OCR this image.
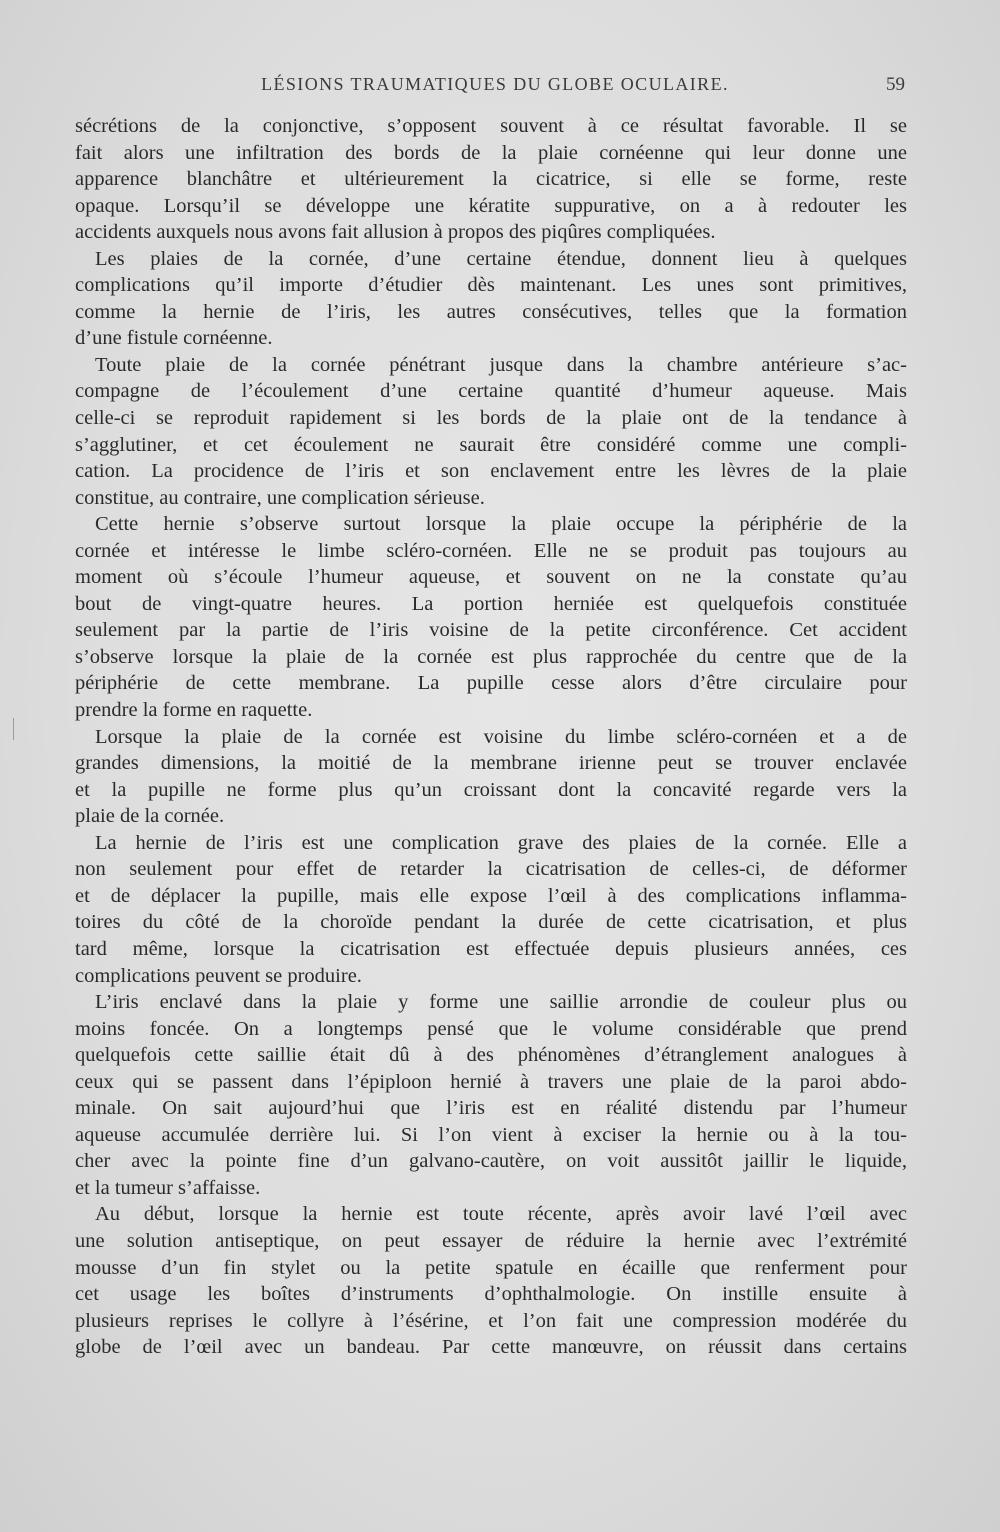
LÉSIONS TRAUMATIQUES DU GLOBE OCULAIRE.	59
sécrétions de la conjonctive, s’opposent souvent à ce résultat favorable. Il se
fait alors une infiltration des bords de la plaie cornéenne qui leur donne une
apparence blanchâtre et ultérieurement la cicatrice, si elle se forme, reste
opaque. Lorsqu’il se développe une kératite suppurative, on a à redouter les
accidents auxquels nous avons fait allusion à propos des piqûres compliquées.
Les plaies de la cornée, d’une certaine étendue, donnent lieu à quelques
complications qu’il importe d’étudier dès maintenant. Les unes sont primitives,
comme la hernie de l’iris, les autres consécutives, telles que la formation
d’une fistule cornéenne.
Toute plaie de la cornée pénétrant jusque dans la chambre antérieure s’ac-
compagne de l’écoulement d’une certaine quantité d’humeur aqueuse. Mais
celle-ci se reproduit rapidement si les bords de la plaie ont de la tendance à
s’agglutiner, et cet écoulement ne saurait être considéré comme une compli-
cation. La procidence de l’iris et son enclavement entre les lèvres de la plaie
constitue, au contraire, une complication sérieuse.
Cette hernie s’observe surtout lorsque la plaie occupe la périphérie de la
cornée et intéresse le limbe scléro-cornéen. Elle ne se produit pas toujours au
moment où s’écoule l’humeur aqueuse, et souvent on ne la constate qu’au
bout de vingt-quatre heures. La portion herniée est quelquefois constituée
seulement par la partie de l’iris voisine de la petite circonférence. Cet accident
s’observe lorsque la plaie de la cornée est plus rapprochée du centre que de la
périphérie de cette membrane. La pupille cesse alors d’être circulaire pour
prendre la forme en raquette.
Lorsque la plaie de la cornée est voisine du limbe scléro-cornéen et a de
grandes dimensions, la moitié de la membrane irienne peut se trouver enclavée
et la pupille ne forme plus qu’un croissant dont la concavité regarde vers la
plaie de la cornée.
La hernie de l’iris est une complication grave des plaies de la cornée. Elle a
non seulement pour effet de retarder la cicatrisation de celles-ci, de déformer
et de déplacer la pupille, mais elle expose l’œil à des complications inflamma-
toires du côté de la choroïde pendant la durée de cette cicatrisation, et plus
tard même, lorsque la cicatrisation est effectuée depuis plusieurs années, ces
complications peuvent se produire.
L’iris enclavé dans la plaie y forme une saillie arrondie de couleur plus ou
moins foncée. On a longtemps pensé que le volume considérable que prend
quelquefois cette saillie était dû à des phénomènes d’étranglement analogues à
ceux qui se passent dans l’épiploon hernié à travers une plaie de la paroi abdo-
minale. On sait aujourd’hui que l’iris est en réalité distendu par l’humeur
aqueuse accumulée derrière lui. Si l’on vient à exciser la hernie ou à la tou-
cher avec la pointe fine d’un galvano-cautère, on voit aussitôt jaillir le liquide,
et la tumeur s’affaisse.
Au début, lorsque la hernie est toute récente, après avoir lavé l’œil avec
une solution antiseptique, on peut essayer de réduire la hernie avec l’extrémité
mousse d’un fin stylet ou la petite spatule en écaille que renferment pour
cet usage les boîtes d’instruments d’ophthalmologie. On instille ensuite à
plusieurs reprises le collyre à l’ésérine, et l’on fait une compression modérée du
globe de l’œil avec un bandeau. Par cette manœuvre, on réussit dans certains
